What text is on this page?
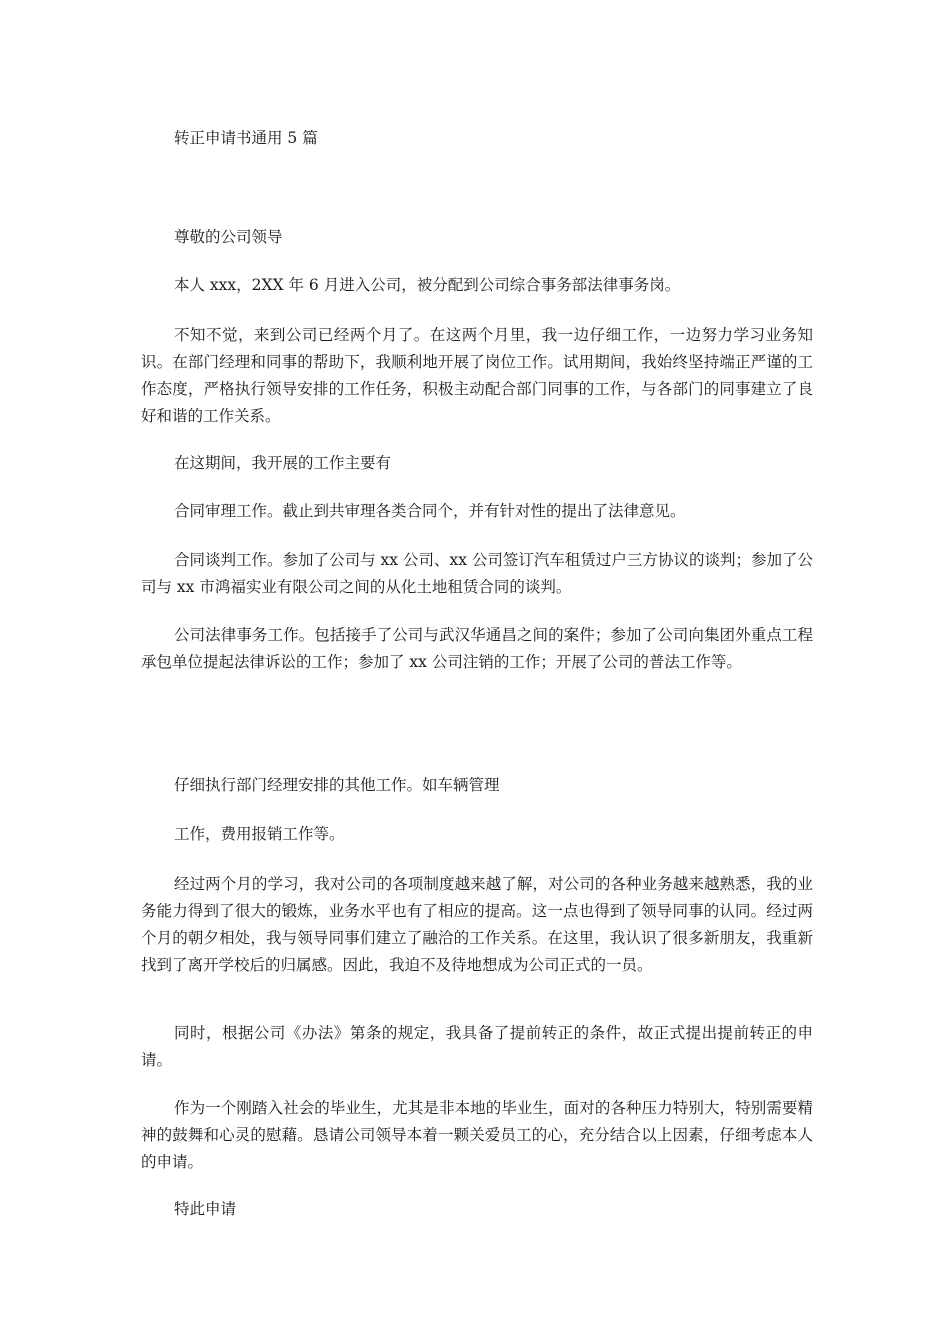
转正申请书通用 5 篇

尊敬的公司领导

本人 xxx，2XX 年 6 月进入公司，被分配到公司综合事务部法律事务岗。

不知不觉，来到公司已经两个月了。在这两个月里，我一边仔细工作，一边努力学习业务知识。在部门经理和同事的帮助下，我顺利地开展了岗位工作。试用期间，我始终坚持端正严谨的工作态度，严格执行领导安排的工作任务，积极主动配合部门同事的工作，与各部门的同事建立了良好和谐的工作关系。

在这期间，我开展的工作主要有

合同审理工作。截止到共审理各类合同个，并有针对性的提出了法律意见。

合同谈判工作。参加了公司与 xx 公司、xx 公司签订汽车租赁过户三方协议的谈判；参加了公司与 xx 市鸿福实业有限公司之间的从化土地租赁合同的谈判。

公司法律事务工作。包括接手了公司与武汉华通昌之间的案件；参加了公司向集团外重点工程承包单位提起法律诉讼的工作；参加了 xx 公司注销的工作；开展了公司的普法工作等。

仔细执行部门经理安排的其他工作。如车辆管理

工作，费用报销工作等。

经过两个月的学习，我对公司的各项制度越来越了解，对公司的各种业务越来越熟悉，我的业务能力得到了很大的锻炼，业务水平也有了相应的提高。这一点也得到了领导同事的认同。经过两个月的朝夕相处，我与领导同事们建立了融洽的工作关系。在这里，我认识了很多新朋友，我重新找到了离开学校后的归属感。因此，我迫不及待地想成为公司正式的一员。

同时，根据公司《办法》第条的规定，我具备了提前转正的条件，故正式提出提前转正的申请。

作为一个刚踏入社会的毕业生，尤其是非本地的毕业生，面对的各种压力特别大，特别需要精神的鼓舞和心灵的慰藉。恳请公司领导本着一颗关爱员工的心，充分结合以上因素，仔细考虑本人的申请。

特此申请
